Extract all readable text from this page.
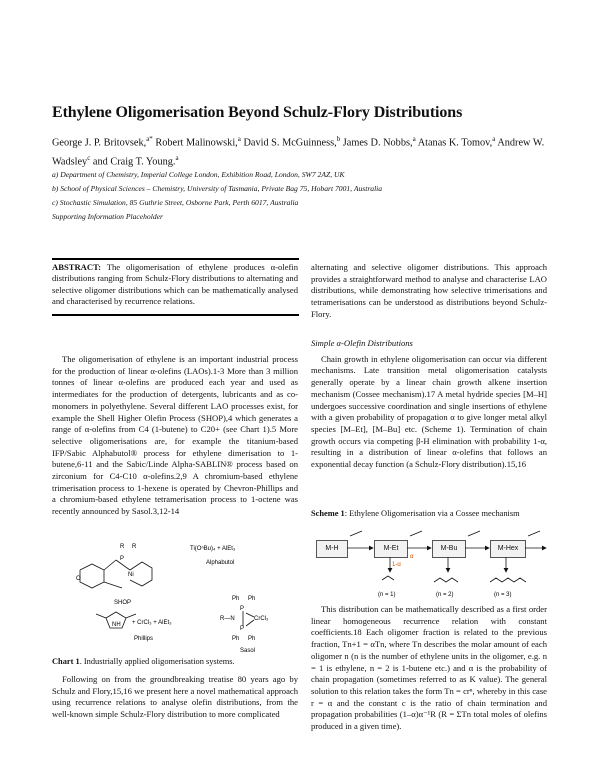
Ethylene Oligomerisation Beyond Schulz-Flory Distributions
George J. P. Britovsek,$^{a*}$ Robert Malinowski,$^a$ David S. McGuinness,$^b$ James D. Nobbs,$^a$ Atanas K. Tomov,$^a$ Andrew W. Wadsley$^c$ and Craig T. Young.$^a$
a) Department of Chemistry, Imperial College London, Exhibition Road, London, SW7 2AZ, UK
b) School of Physical Sciences – Chemistry, University of Tasmania, Private Bag 75, Hobart 7001, Australia
c) Stochastic Simulation, 85 Guthrie Street, Osborne Park, Perth 6017, Australia
Supporting Information Placeholder
ABSTRACT: The oligomerisation of ethylene produces α-olefin distributions ranging from Schulz-Flory distributions to alternating and selective oligomer distributions which can be mathematically analysed and characterised by recurrence relations.

alternating and selective oligomer distributions. This approach provides a straightforward method to analyse and characterise LAO distributions, while demonstrating how selective trimerisations and tetramerisations can be understood as distributions beyond Schulz-Flory.

The oligomerisation of ethylene is an important industrial process for the production of linear α-olefins (LAOs).1-3 More than 3 million tonnes of linear α-olefins are produced each year and used as intermediates for the production of detergents, lubricants and as co-monomers in polyethylene. Several different LAO processes exist, for example the Shell Higher Olefin Process (SHOP),4 which generates a range of α-olefins from C4 (1-butene) to C20+ (see Chart 1).5 More selective oligomerisations are, for example the titanium-based IFP/Sabic Alphabutol® process for ethylene dimerisation to 1-butene,6-11 and the Sabic/Linde Alpha-SABLIN® process based on zirconium for C4-C10 α-olefins.2,9 A chromium-based ethylene trimerisation process to 1-hexene is operated by Chevron-Phillips and a chromium-based ethylene tetramerisation process to 1-octene was recently announced by Sasol.3,12-14

R R
P
Ni
O
SHOP
Ti(OⁿBu)₄ + AlEt₃
Alphabutol
NH + CrCl₃ + AlEt₃
Phillips
Ph Ph
P
R—N	CrCl₃
P
Ph Ph
Sasol
Chart 1. Industrially applied oligomerisation systems.

Following on from the groundbreaking treatise 80 years ago by Schulz and Flory,15,16 we present here a novel mathematical approach using recurrence relations to analyse olefin distributions, from the well-known simple Schulz-Flory distribution to more complicated

Simple α-Olefin Distributions

Chain growth in ethylene oligomerisation can occur via different mechanisms. Late transition metal oligomerisation catalysts generally operate by a linear chain growth alkene insertion mechanism (Cossee mechanism).17 A metal hydride species [M–H] undergoes successive coordination and single insertions of ethylene with a given probability of propagation α to give longer metal alkyl species [M–Et], [M–Bu] etc. (Scheme 1). Termination of chain growth occurs via competing β-H elimination with probability 1-α, resulting in a distribution of linear α-olefins that follows an exponential decay function (a Schulz-Flory distribution).15,16

Scheme 1: Ethylene Oligomerisation via a Cossee mechanism
M-H	M-Et	M-Bu	M-Hex
α
1-α
(n = 1)	(n = 2)	(n = 3)

This distribution can be mathematically described as a first order linear homogeneous recurrence relation with constant coefficients.18 Each oligomer fraction is related to the previous fraction, Tn+1 = αTn, where Tn describes the molar amount of each oligomer n (n is the number of ethylene units in the oligomer, e.g. n = 1 is ethylene, n = 2 is 1-butene etc.) and α is the probability of chain propagation (sometimes referred to as K value). The general solution to this relation takes the form Tn = crⁿ, whereby in this case r = α and the constant c is the ratio of chain termination and propagation probabilities (1–α)α⁻¹R (R = ΣTn total moles of olefins produced in a given time).
